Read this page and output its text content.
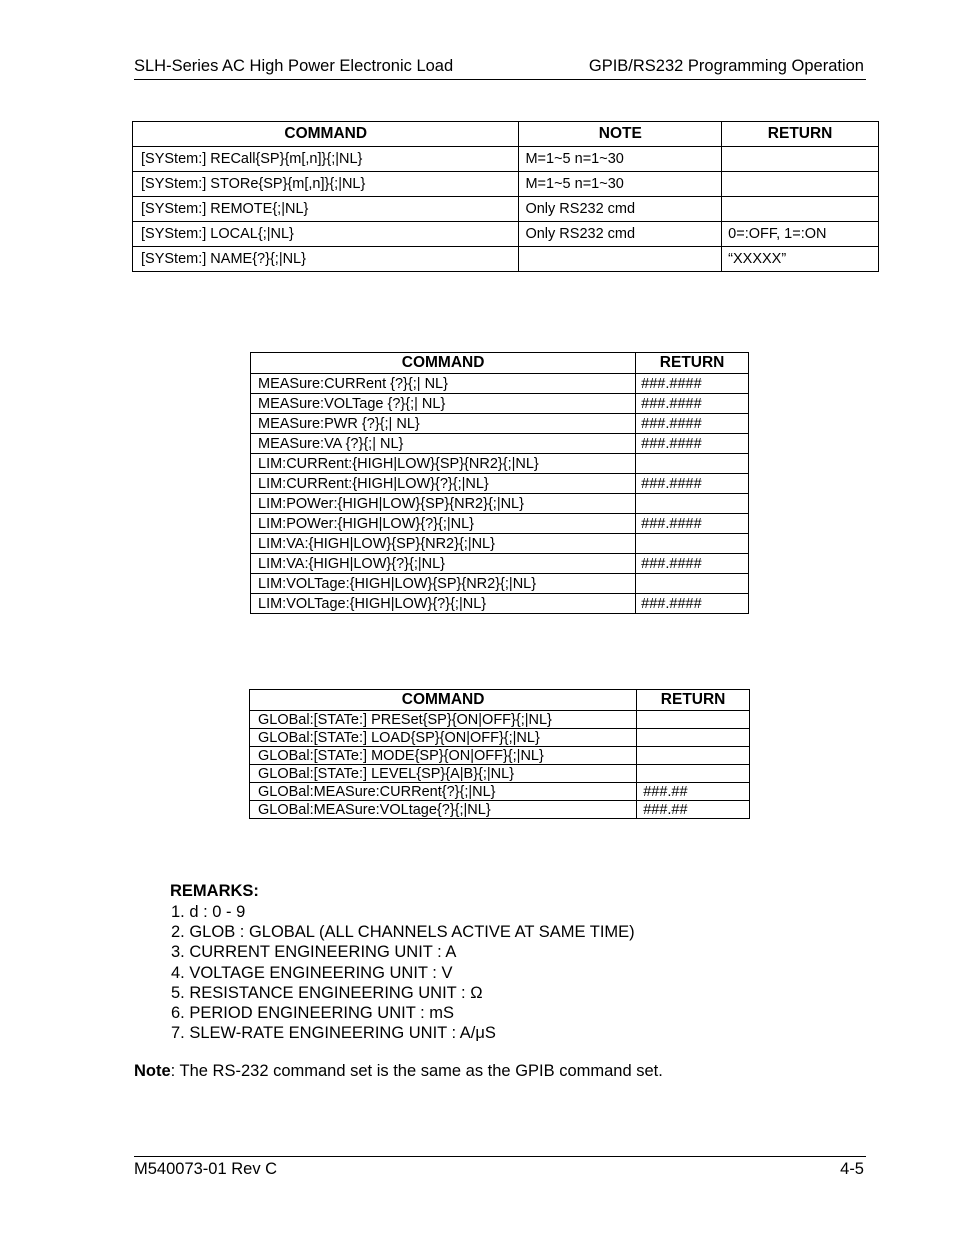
SLH-Series AC High Power Electronic Load	GPIB/RS232 Programming Operation
COMMAND	NOTE	RETURN
[SYStem:] RECall{SP}{m[,n]}{;|NL}	M=1~5 n=1~30	
[SYStem:] STORe{SP}{m[,n]}{;|NL}	M=1~5 n=1~30	
[SYStem:] REMOTE{;|NL}	Only RS232 cmd	
[SYStem:] LOCAL{;|NL}	Only RS232 cmd	0=:OFF, 1=:ON
[SYStem:] NAME{?}{;|NL}		“XXXXX”
COMMAND	RETURN
MEASure:CURRent {?}{;| NL}	###.####
MEASure:VOLTage {?}{;| NL}	###.####
MEASure:PWR {?}{;| NL}	###.####
MEASure:VA {?}{;| NL}	###.####
LIM:CURRent:{HIGH|LOW}{SP}{NR2}{;|NL}	
LIM:CURRent:{HIGH|LOW}{?}{;|NL}	###.####
LIM:POWer:{HIGH|LOW}{SP}{NR2}{;|NL}	
LIM:POWer:{HIGH|LOW}{?}{;|NL}	###.####
LIM:VA:{HIGH|LOW}{SP}{NR2}{;|NL}	
LIM:VA:{HIGH|LOW}{?}{;|NL}	###.####
LIM:VOLTage:{HIGH|LOW}{SP}{NR2}{;|NL}	
LIM:VOLTage:{HIGH|LOW}{?}{;|NL}	###.####
COMMAND	RETURN
GLOBal:[STATe:] PRESet{SP}{ON|OFF}{;|NL}	
GLOBal:[STATe:] LOAD{SP}{ON|OFF}{;|NL}	
GLOBal:[STATe:] MODE{SP}{ON|OFF}{;|NL}	
GLOBal:[STATe:] LEVEL{SP}{A|B}{;|NL}	
GLOBal:MEASure:CURRent{?}{;|NL}	###.##
GLOBal:MEASure:VOLtage{?}{;|NL}	###.##
REMARKS:
1. d : 0 - 9
2. GLOB : GLOBAL (ALL CHANNELS ACTIVE AT SAME TIME)
3. CURRENT ENGINEERING UNIT : A
4. VOLTAGE ENGINEERING UNIT : V
5. RESISTANCE ENGINEERING UNIT : Ω
6. PERIOD ENGINEERING UNIT : mS
7. SLEW-RATE ENGINEERING UNIT : A/μS
Note: The RS-232 command set is the same as the GPIB command set.
M540073-01 Rev C	4-5
